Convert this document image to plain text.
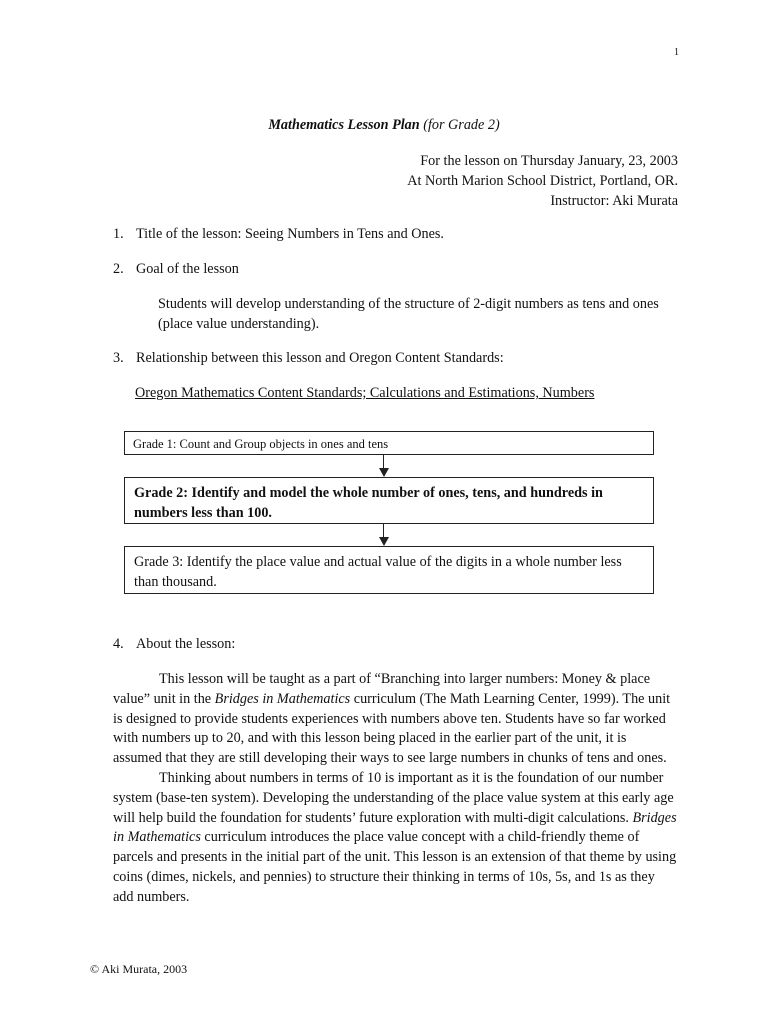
1
Mathematics Lesson Plan (for Grade 2)
For the lesson on Thursday January, 23, 2003
At North Marion School District, Portland, OR.
Instructor: Aki Murata
1. Title of the lesson: Seeing Numbers in Tens and Ones.
2. Goal of the lesson
Students will develop understanding of the structure of 2-digit numbers as tens and ones (place value understanding).
3. Relationship between this lesson and Oregon Content Standards:
Oregon Mathematics Content Standards; Calculations and Estimations, Numbers
Grade 1: Count and Group objects in ones and tens
Grade 2: Identify and model the whole number of ones, tens, and hundreds in numbers less than 100.
Grade 3: Identify the place value and actual value of the digits in a whole number less than thousand.
4. About the lesson:

This lesson will be taught as a part of “Branching into larger numbers: Money & place value” unit in the Bridges in Mathematics curriculum (The Math Learning Center, 1999). The unit is designed to provide students experiences with numbers above ten. Students have so far worked with numbers up to 20, and with this lesson being placed in the earlier part of the unit, it is assumed that they are still developing their ways to see large numbers in chunks of tens and ones.

Thinking about numbers in terms of 10 is important as it is the foundation of our number system (base-ten system). Developing the understanding of the place value system at this early age will help build the foundation for students’ future exploration with multi-digit calculations. Bridges in Mathematics curriculum introduces the place value concept with a child-friendly theme of parcels and presents in the initial part of the unit. This lesson is an extension of that theme by using coins (dimes, nickels, and pennies) to structure their thinking in terms of 10s, 5s, and 1s as they add numbers.

© Aki Murata, 2003
